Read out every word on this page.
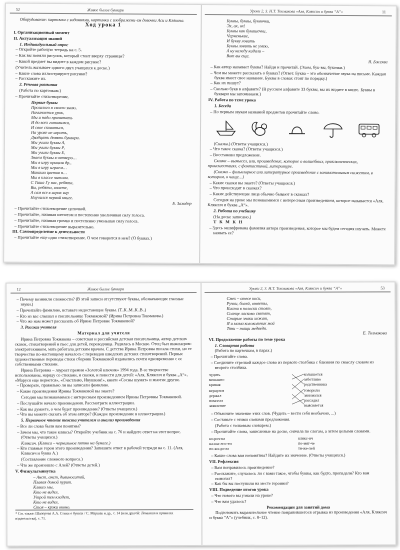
52	Живое былое букваря

Оборудование: карточки с заданиями, картинки с изображени-ем девочки Аси и Клякоча.

Ход урока 1

I. Организационный момент

II. Актуализация знаний

1. Индивидуальный опрос

– Откройте рабочую тетрадь на с. 5.

– Как вы поняли рисунок, который стоит вверху страницы?

– Какой предмет вы видите в каждом рисунке?

(Учитель вызывает одного-двух учащихся к доске.)

– Какие слова иллюстрируют рисунки?

– Расскажите их.

2. Речевая разминка

(Работа по карточкам.)

– Прочитайте стихотворение.

Первые буквы

Прошлого я своего знаю,

Начинается урок,

Мы и надо прочитать

И до всех готовимся,

И свое сковаться,

На уроке не играть,

Двадцать девять буквари.

Мы учили буквы А,

Мы учили буквы Р,

Мы учили буквы Е,

Знаем буквы в четверо…

Мы в игру пришли др.,

Мы в игру играем…

Макаша цветов н…

Мы в классе читали.

С Тиша Гу нас, ребята,

Вы, ребята, знаете,

А сам все в играх игр

Научился первой книге.

Б. Заходер

– Прочитайте стихотворение цепочкой.

– Прочитайте, начиная шепотом и постепенно увеличивая силу голоса.

– Прочитайте, начиная громко и постепенно уменьшая силу голоса.

– Прочитайте стихотворение выразительно.

III. Самоопределение к деятельности

– Прочитайте еще одно стихотворение. О чем говорится в нем? (О буквах.)

Уроки 2, 3. Н.Т. Токмакова «Аля, Кляксич и буква “А”»	11

Буквы, буквы, буквочки,

Эх, ах, ох!

Буквы как букашечки,

Черненькие,

И букву ловить

Буквы ловить не умею,

А ну кажду кидали –

Вот вы еще.

Я. Бжехва

– Как автор называет буквы? Найди и прочитай. (Эхом, бук-вы, букочки.)

– Чем вы можете рассказать о буквах? (Ответ. Буква – это обозначение звука на письме. Каждая буква имеет свое название. Буквы в словах стоят по порядку.)

– Как их пишут?

– Сколько букв в алфавите? (В русском алфавите 33 буквы, вы их видите в книге. Буквы в буквари мы запоминаем.)

IV. Работа по теме урока

1. Беседа

– По первым звукам названий предметов прочитайте слово.

(Сказка.) (Ответы учащихся.)

– Что такое сказка? (Ответы учащихся.)

– Восстанови предложение.

Сказка – вымысел, или, произведение, которое о волшебных, приключенческих, происшествиях, с фантастикой, литературе.

(Сказка – фольклорное или литературное произведение с занимательным сюжетом, в котором, о чаще…)

– Какие сказки вы знаете? (Ответы учащихся.)

– Что происходит в сказках?

– Какие действующие лица обычно бывают в сказках?

Сегодня на уроке мы познакомимся с интересным произведением, которое называется «Аля, Кляксич и буква „А“».

2. Работа по учебнику

(На доске записано.)

Т К М К Н

– Здесь зашифрована фамилия автора произведения, которое мы будем сегодня изучать. Можете назвать ее?

12	Живое былое букваря

– Почему возникли сложности? (В этой записи отсутствуют буквы, обозначающие гласные звуки.)

– Прочитайте фамилию, вставьте недостающие буквы. (Т..К..М..К..В..)

– Кто из вас слышал о писательнице Токмаковой? (Ирина Петровна Токмакова.)

– Что же нам может рассказать об Ирине Петровне Токмаковой?

3. Рассказ учителя

Материал для учителя

Ирина Петровна Токмакова – советская и российская детская писательница, автор детских сказок, стихотворений и пьес для детей, переводчица. Родилась в Москве. Отец был инженером-электротехником, мать работала детским врачом. С детства Ирина Петровна писала стихи, но ее творчество по-настоящему началось с переводов шведских детских стихотворений. Первые художественные переводы стихи сборник Токмаковой издавались почти одновременно с ее собственными стихами.

Ирина Петровна – лауреат премии «Золотой ключик» 1994 года. В ее творчестве использованы, наряду со стихами, и сказки, и повести для детей: «Аля, Кляксич и буква „А“», «Маруся еще вернется», «Счастливо, Ивушкин!», книги «Сосны шумят» и многие другие.

– Проверьте, правильно ли вы записали фамилию.

– Какие произведения Ирины Токмаковой вы знаете?

Сегодня мы познакомимся с интересным произведением Ирины Петровны Токмаковой.

– Послушайте начало произведения. Рассмотрите иллюстрации.

– Как вы думаете, о чем будет произведение? (Ответы учащихся.)

– Что вы можете сказать об этом авторе? (Каждое произведение в иллюстрации.)

5. Первичное чтение текста учителем и анализ произведения

– Все ли слова были вам понятны?

– Зачем мы, что такое кляксы? Откройте учебник на с. 76 и найдите ответ на этот вопрос. (Ответы учащихся.)

Кляксич. (Клякса – чернильное пятно на бумаге.)

– Кто главные герои этого произведения? Запишите ответ в рабочей тетради на с. 11. (Аля, Кляксич и буква А.)

(Составление сложного вопроса.)

– Что же произошло с Алей? (Ответы детей.)

V. Физкультминутка

– Анст, анст, дивиноситай,

Плавая домой пурит.

Кляксо мы,

Кто не видел,

Утрой тем кладет,

Кто не видел,

Стоя – крэки оконо.

* См. также: Шапорова А.А. Стихи о буквах / С. Маршак и др., с. 14 (или другой: Ломкиша и правилах издательства), с. 71.

Уроки 2, 3. Н.Т. Токмакова «Аля, Кляксич и буква “А”»	53

Смех – отесе коси,

Ручки, болей, ответы,

Кисти в полоски стоят,

Солнце ласково светят,

Старые знаки хожат,

Я и мама колокольчик мой

Тяни – тащи медведя.

Е. Толмакова

VI. Продолжение работы по теме урока

1. Словарная работа

(Работа по карточкам, в парах.)

– Прочитайте слова.

– Соедините стрелкой каждое слово из первого столбика с близким по смыслу словом из второго столбика.

чудить
мешанно
кривая
вернулся
держал
помогал
заявление
колышется
заботливо
родственника
говорили
занимался
рассадил
выясняется

– Объясните значение этих слов. (Чудить – вести себя необычно, ...)

– Составьте с этими словами предложения.

(Работа с толковым словарем.)

– Прочитайте слова, записанные на доске, сначала по слогам, а затем целыми словами.

ко-роч-ка
на-ша-лос-ти
по-ки-да-ла
клякс-ич
по-мяг-че
тя-же-лей

– Какие слова вам непонятны? Найдите их значение. (Ответы учащихся.)

VII. Рефлексия

– Вам понравилось произведение?

– Расскажите, случалось ли с вами такое, чтобы буквы, как будто, пропадали? Кто вам помогал?

– Как бы вы поступили на месте героини?

VIII. Подведение итогов урока

– Что нового вы узнали на уроке?

– Что вам удалось?

Рекомендации для занятий дома

Подготовить выразительное чтение понравившегося отрывка из произведения «Аля, Кляксич и буква “А”» (учебник, с. 8–12).
